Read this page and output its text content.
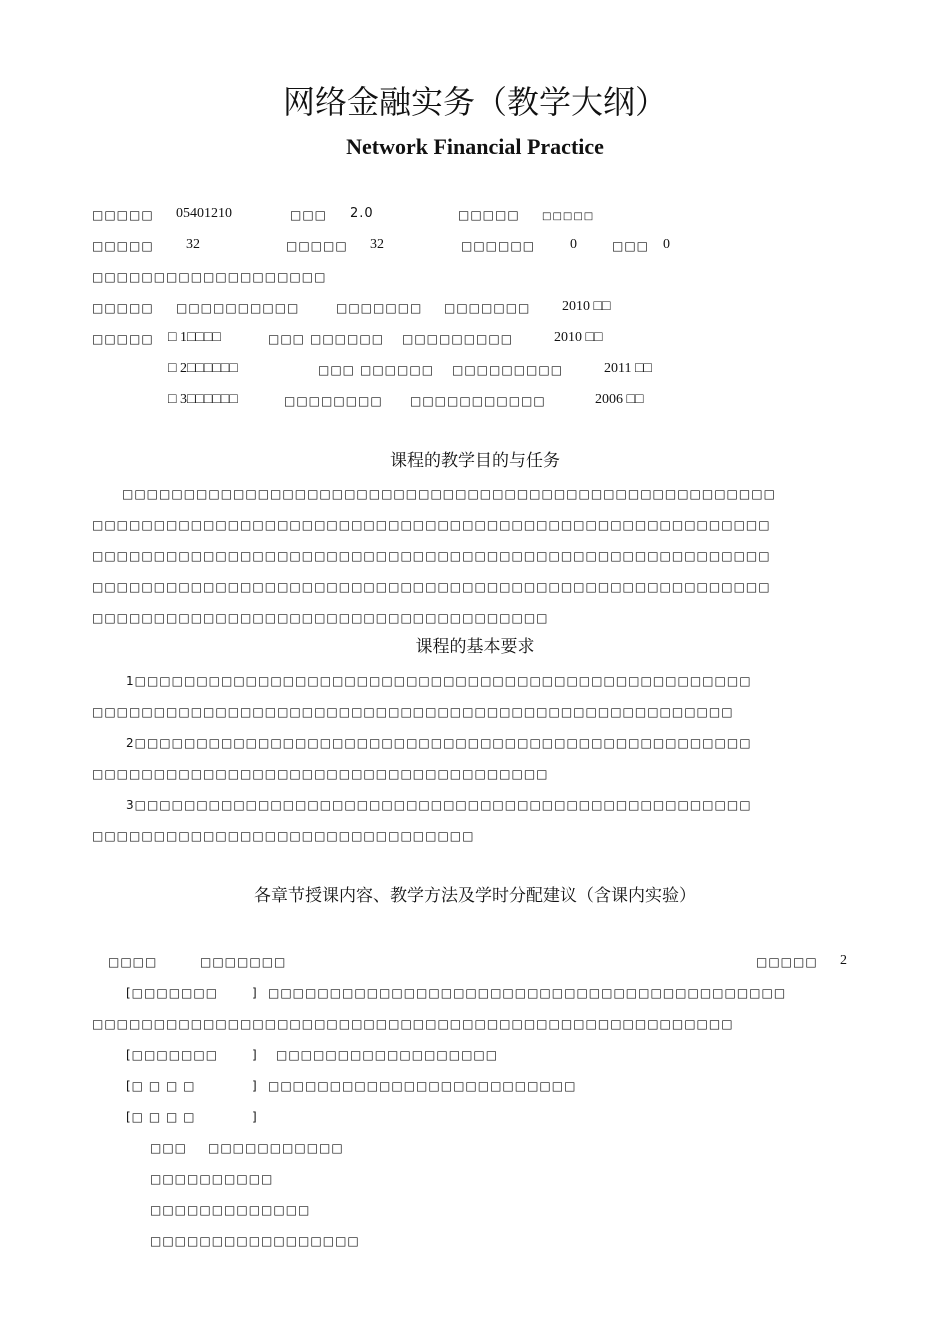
网络金融实务（教学大纲）
Network Financial Practice
□□□□□ 05401210	□□□ 2.0	□□□□□ □□□□□
□□□□□ 32	□□□□□ 32	□□□□□□ 0	□□□ 0
□□□□□□□□□□□□□□□□□□□
□□□□□ □□□□□□□□□□	□□□□□□□ □□□□□□□ 2010 □□
□□□□□ □ 1□□□□	□□□ □□□□□□ □□□□□□□□□	2010 □□
□ 2□□□□□□	□□□ □□□□□□ □□□□□□□□□	2011 □□
□ 3□□□□□□	□□□□□□□□ □□□□□□□□□□□	2006 □□
课程的教学目的与任务
□□□□□□□□□□□□□□□□□□□□□□□□□□□□□□□□□□□□□□□□□□□□□□□□□□□□□
□□□□□□□□□□□□□□□□□□□□□□□□□□□□□□□□□□□□□□□□□□□□□□□□□□□□□□□
□□□□□□□□□□□□□□□□□□□□□□□□□□□□□□□□□□□□□□□□□□□□□□□□□□□□□□□
□□□□□□□□□□□□□□□□□□□□□□□□□□□□□□□□□□□□□□□□□□□□□□□□□□□□□□□
□□□□□□□□□□□□□□□□□□□□□□□□□□□□□□□□□□□□□
课程的基本要求
1□□□□□□□□□□□□□□□□□□□□□□□□□□□□□□□□□□□□□□□□□□□□□□□□□□
□□□□□□□□□□□□□□□□□□□□□□□□□□□□□□□□□□□□□□□□□□□□□□□□□□□□
2□□□□□□□□□□□□□□□□□□□□□□□□□□□□□□□□□□□□□□□□□□□□□□□□□□
□□□□□□□□□□□□□□□□□□□□□□□□□□□□□□□□□□□□□
3□□□□□□□□□□□□□□□□□□□□□□□□□□□□□□□□□□□□□□□□□□□□□□□□□□
□□□□□□□□□□□□□□□□□□□□□□□□□□□□□□□
各章节授课内容、教学方法及学时分配建议（含课内实验）
□□□□	□□□□□□□	□□□□□ 2
[□□□□□□□	] □□□□□□□□□□□□□□□□□□□□□□□□□□□□□□□□□□□□□□□□□□
□□□□□□□□□□□□□□□□□□□□□□□□□□□□□□□□□□□□□□□□□□□□□□□□□□□□
[□□□□□□□	] □□□□□□□□□□□□□□□□□□
[□ □ □ □	] □□□□□□□□□□□□□□□□□□□□□□□□□
[□ □ □ □	]
□□□ □□□□□□□□□□□
□□□□□□□□□□
□□□□□□□□□□□□□
□□□□□□□□□□□□□□□□□
